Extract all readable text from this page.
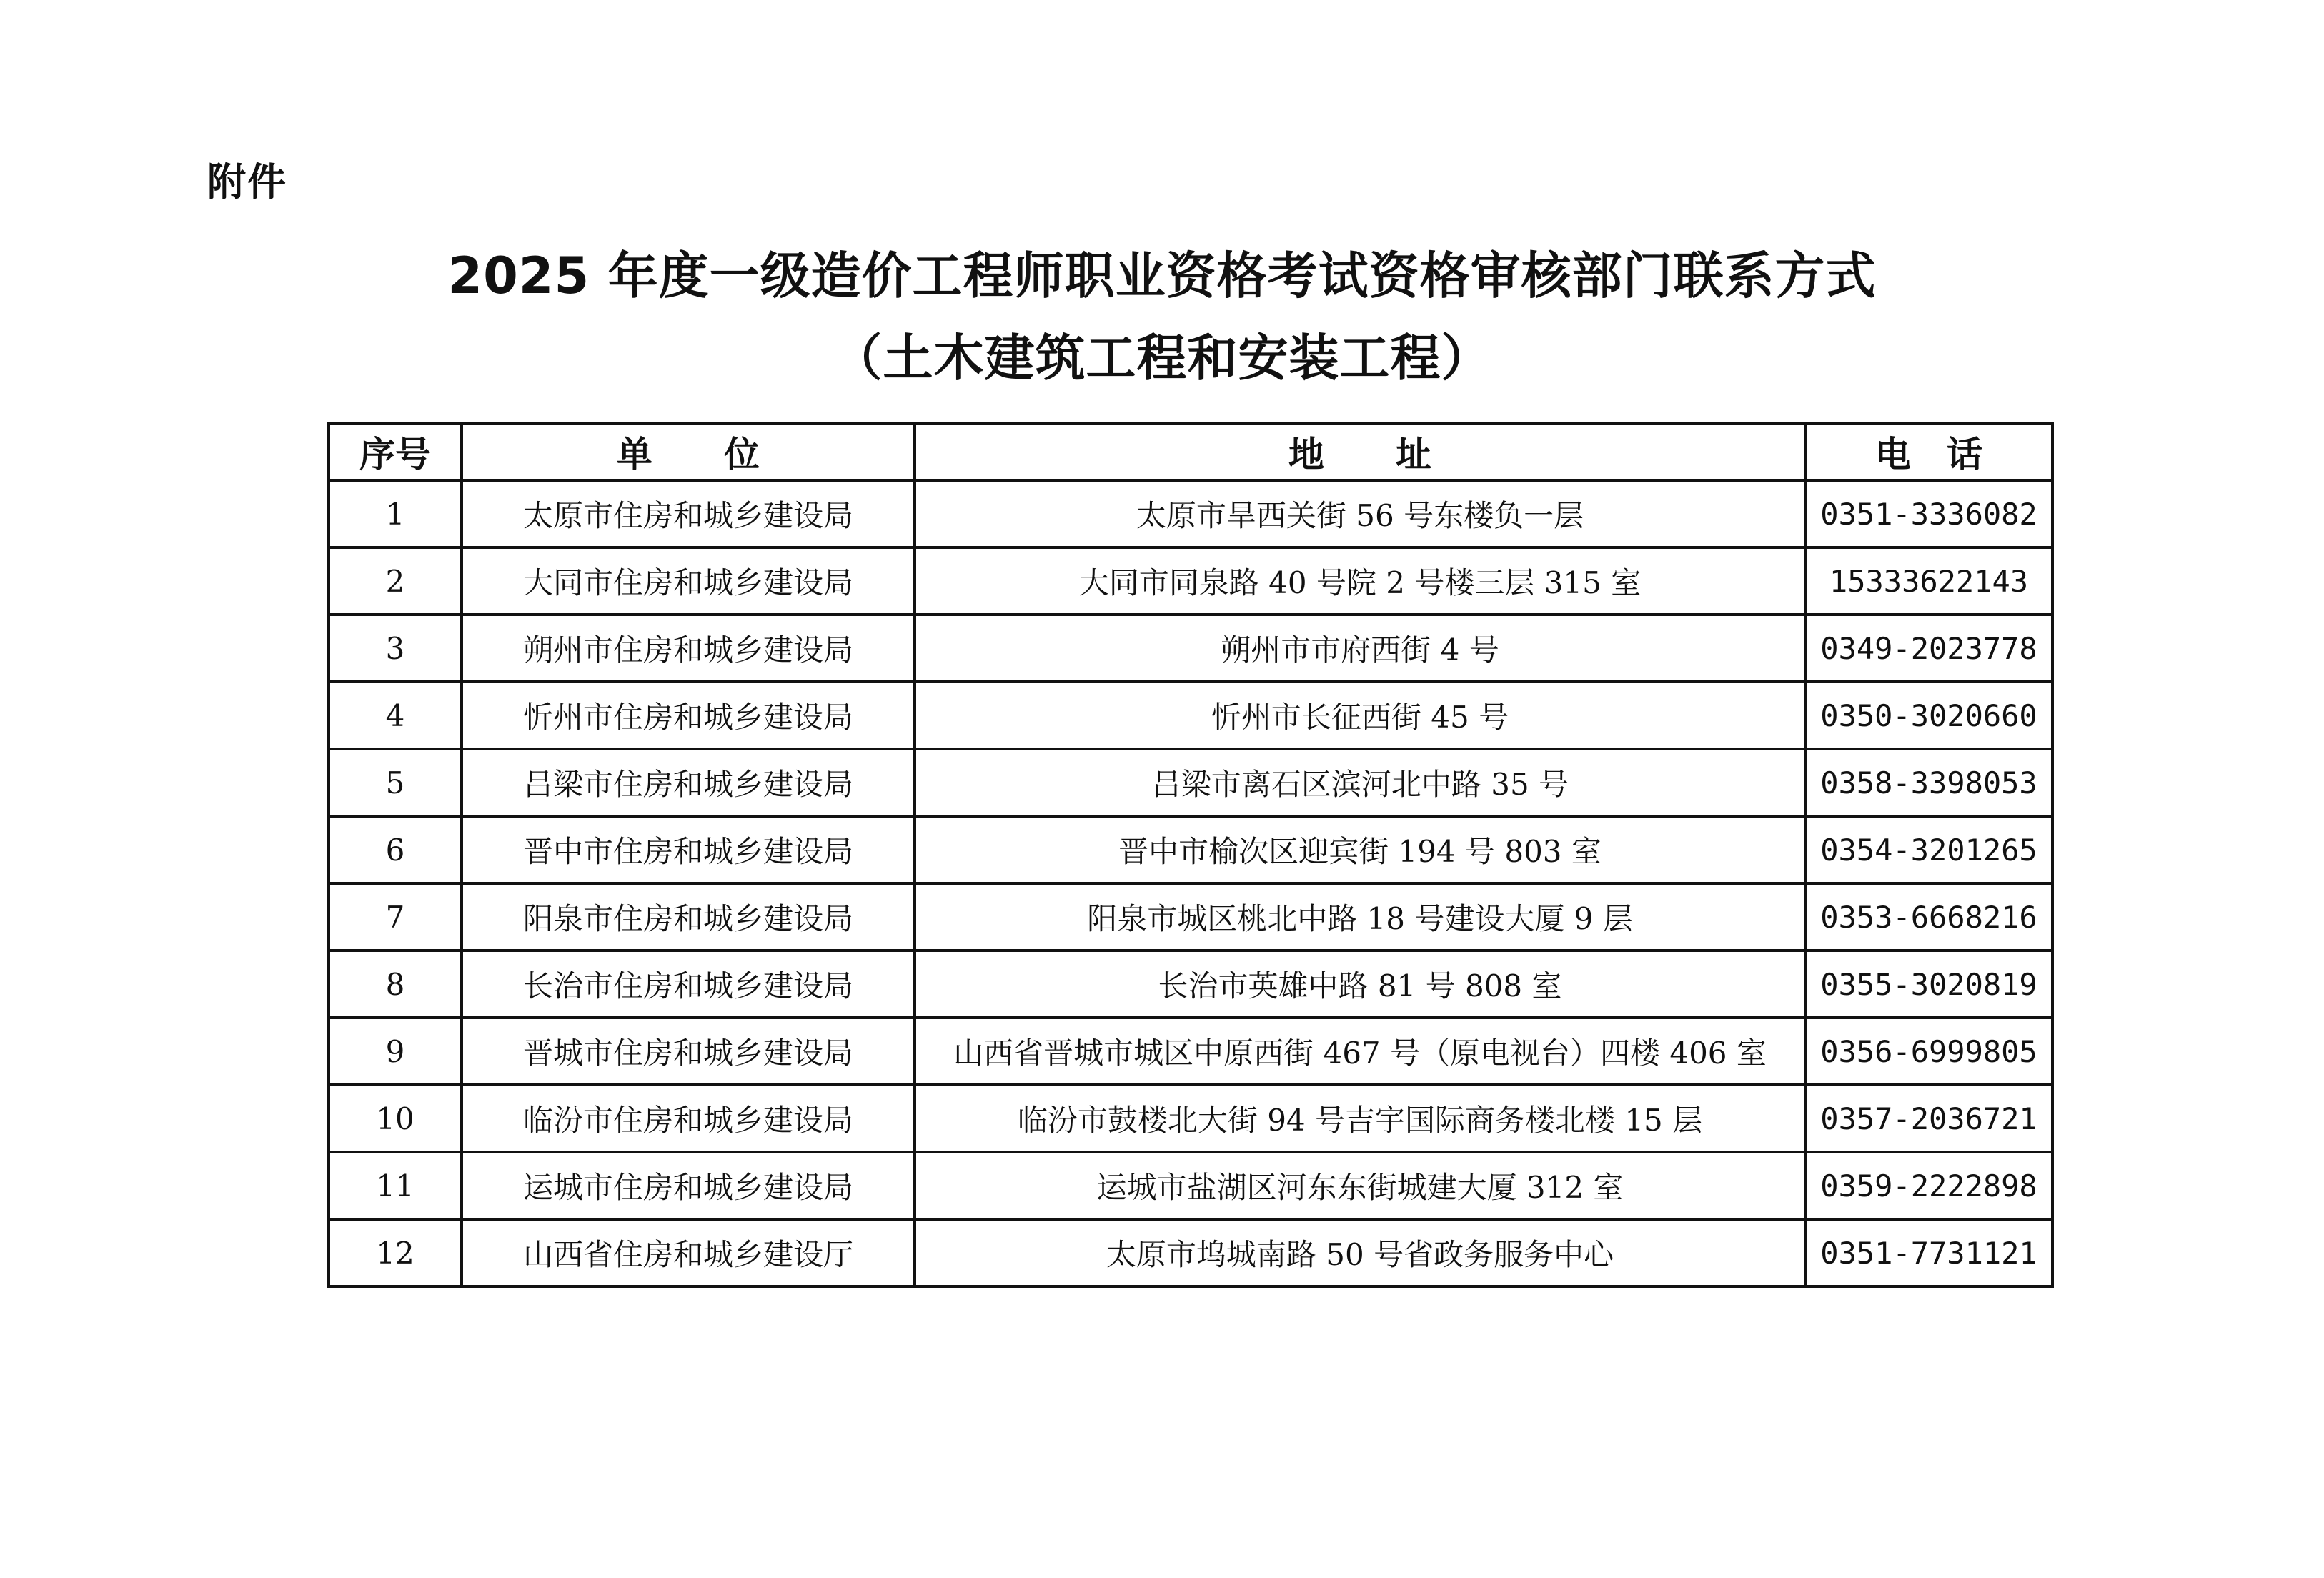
附件
2025 年度一级造价工程师职业资格考试资格审核部门联系方式
（土木建筑工程和安装工程）
序号	单　　位	地　　址	电　话
1	太原市住房和城乡建设局	太原市旱西关街 56 号东楼负一层	0351-3336082
2	大同市住房和城乡建设局	大同市同泉路 40 号院 2 号楼三层 315 室	15333622143
3	朔州市住房和城乡建设局	朔州市市府西街 4 号	0349-2023778
4	忻州市住房和城乡建设局	忻州市长征西街 45 号	0350-3020660
5	吕梁市住房和城乡建设局	吕梁市离石区滨河北中路 35 号	0358-3398053
6	晋中市住房和城乡建设局	晋中市榆次区迎宾街 194 号 803 室	0354-3201265
7	阳泉市住房和城乡建设局	阳泉市城区桃北中路 18 号建设大厦 9 层	0353-6668216
8	长治市住房和城乡建设局	长治市英雄中路 81 号 808 室	0355-3020819
9	晋城市住房和城乡建设局	山西省晋城市城区中原西街 467 号（原电视台）四楼 406 室	0356-6999805
10	临汾市住房和城乡建设局	临汾市鼓楼北大街 94 号吉宇国际商务楼北楼 15 层	0357-2036721
11	运城市住房和城乡建设局	运城市盐湖区河东东街城建大厦 312 室	0359-2222898
12	山西省住房和城乡建设厅	太原市坞城南路 50 号省政务服务中心	0351-7731121
